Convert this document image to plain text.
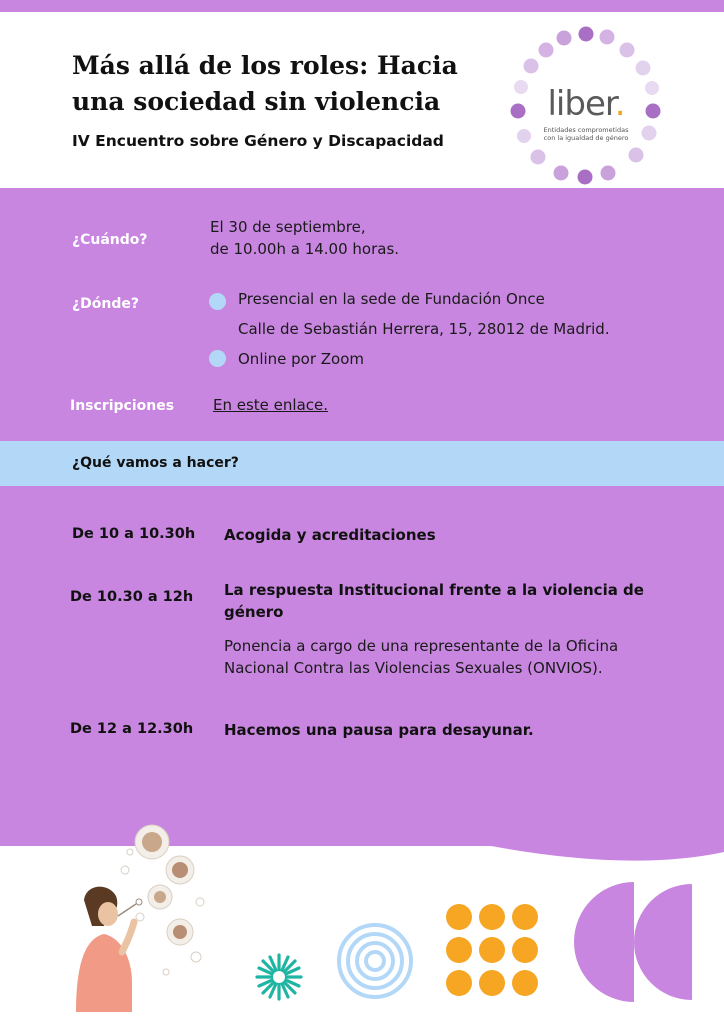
Más allá de los roles: Hacia
una sociedad sin violencia
IV Encuentro sobre Género y Discapacidad
liber.
Entidades comprometidas
con la igualdad de género
¿Cuándo?
El 30 de septiembre,
de 10.00h a 14.00 horas.
¿Dónde?	Presencial en la sede de Fundación Once
Calle de Sebastián Herrera, 15, 28012 de Madrid.
Online por Zoom
Inscripciones	En este enlace.
¿Qué vamos a hacer?
De 10 a 10.30h Acogida y acreditaciones
De 10.30 a 12h La respuesta Institucional frente a la violencia de
género
Ponencia a cargo de una representante de la Oficina
Nacional Contra las Violencias Sexuales (ONVIOS).
De 12 a 12.30h Hacemos una pausa para desayunar.
